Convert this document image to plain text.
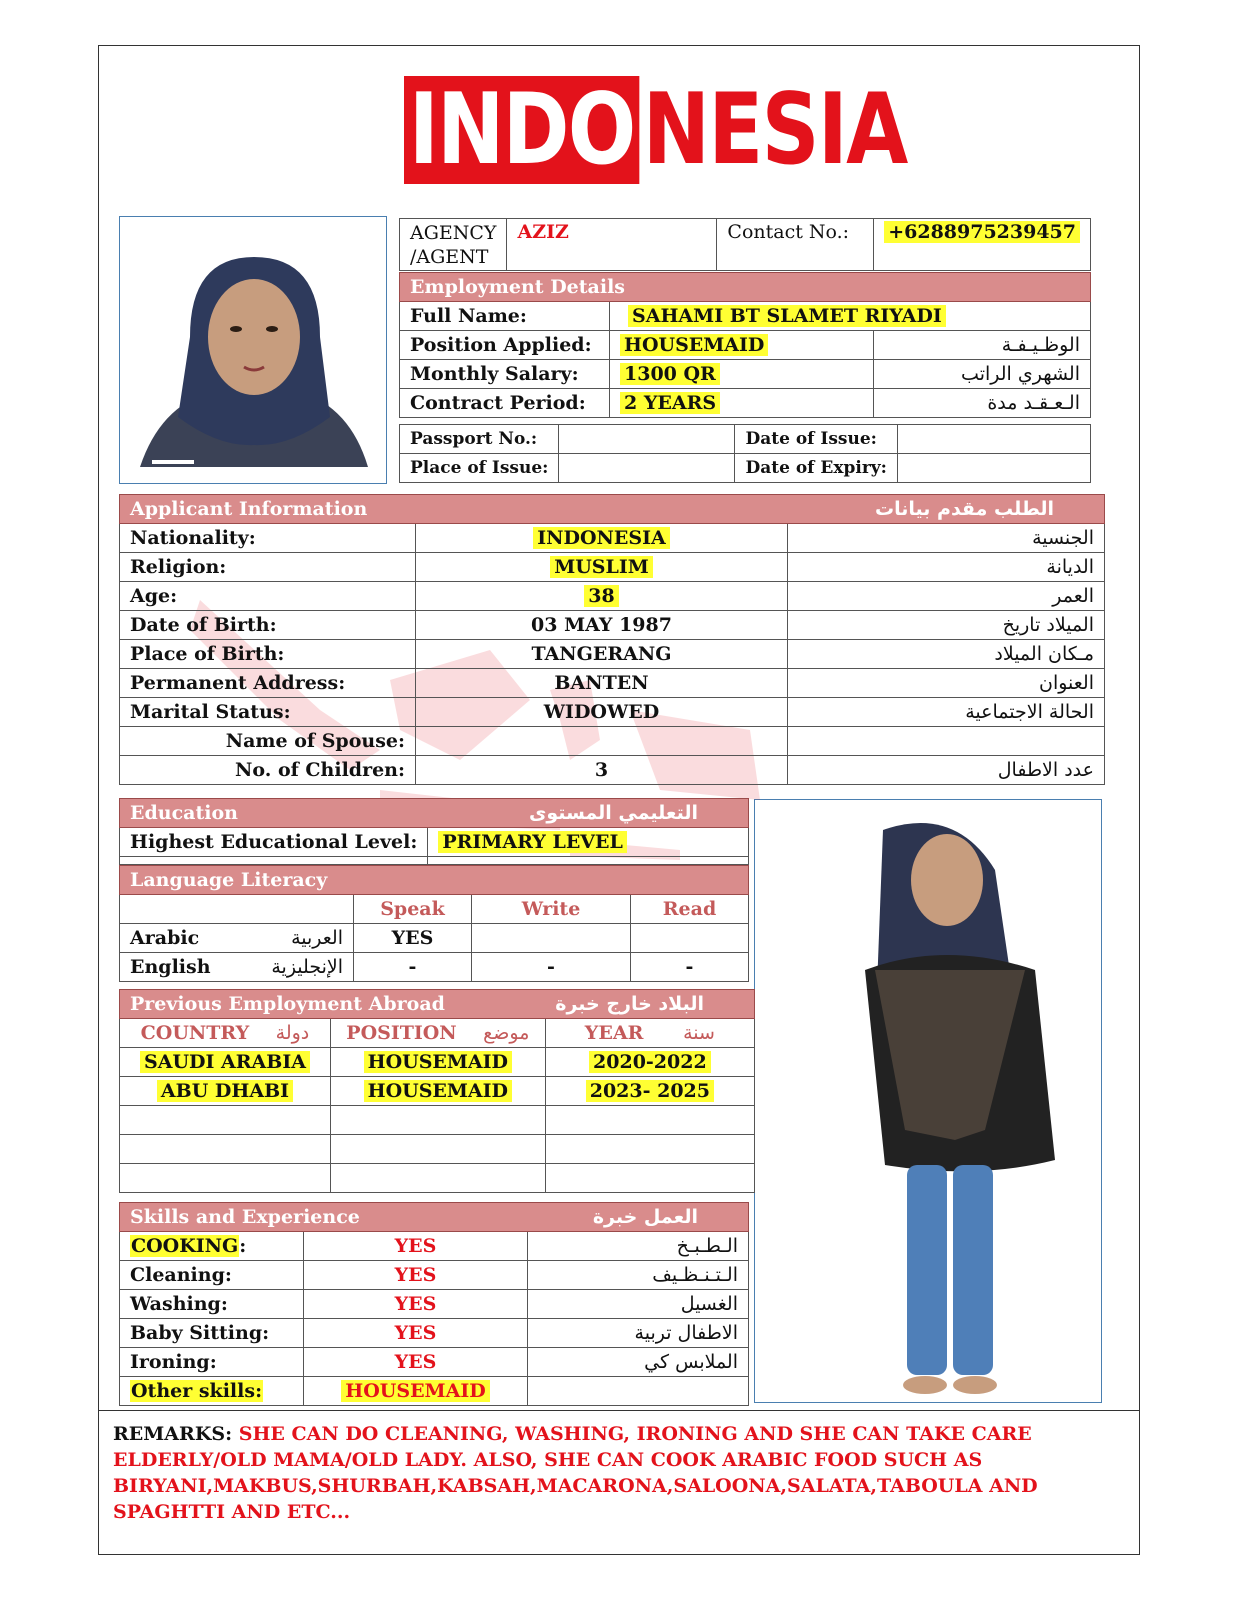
INDO NESIA
AGENCY /AGENT	AZIZ	Contact No.:	+6288975239457
Employment Details		
Full Name:	SAHAMI BT SLAMET RIYADI	
Position Applied:	HOUSEMAID	الوظـيـفـة
Monthly Salary:	1300 QR	الشهري الراتب
Contract Period:	2 YEARS	الـعـقـد مدة
Passport No.:		Date of Issue:	
Place of Issue:		Date of Expiry:	
Applicant Information		الطلب مقدم بيانات
Nationality:	INDONESIA	الجنسية
Religion:	MUSLIM	الديانة
Age:	38	العمر
Date of Birth:	03 MAY 1987	الميلاد تاريخ
Place of Birth:	TANGERANG	مـكان الميلاد
Permanent Address:	BANTEN	العنوان
Marital Status:	WIDOWED	الحالة الاجتماعية
Name of Spouse:		
No. of Children:	3	عدد الاطفال
Education	التعليمي المستوى
Highest Educational Level:	PRIMARY LEVEL

Language Literacy			
	Speak	Write	Read
Arabic العربية	YES		
English الإنجليزية	-	-	-
Previous Employment Abroad		البلاد خارج خبرة
COUNTRY دولة	POSITION موضع	YEAR سنة
SAUDI ARABIA	HOUSEMAID	2020-2022
ABU DHABI	HOUSEMAID	2023- 2025

Skills and Experience		العمل خبرة
COOKING:	YES	الـطـبـخ
Cleaning:	YES	الـتـنـظـيف
Washing:	YES	الغسيل
Baby Sitting:	YES	الاطفال تربية
Ironing:	YES	الملابس كي
Other skills:	HOUSEMAID	
REMARKS: SHE CAN DO CLEANING, WASHING, IRONING AND SHE CAN TAKE CARE ELDERLY/OLD MAMA/OLD LADY. ALSO, SHE CAN COOK ARABIC FOOD SUCH AS BIRYANI,MAKBUS,SHURBAH,KABSAH,MACARONA,SALOONA,SALATA,TABOULA AND SPAGHTTI AND ETC...
